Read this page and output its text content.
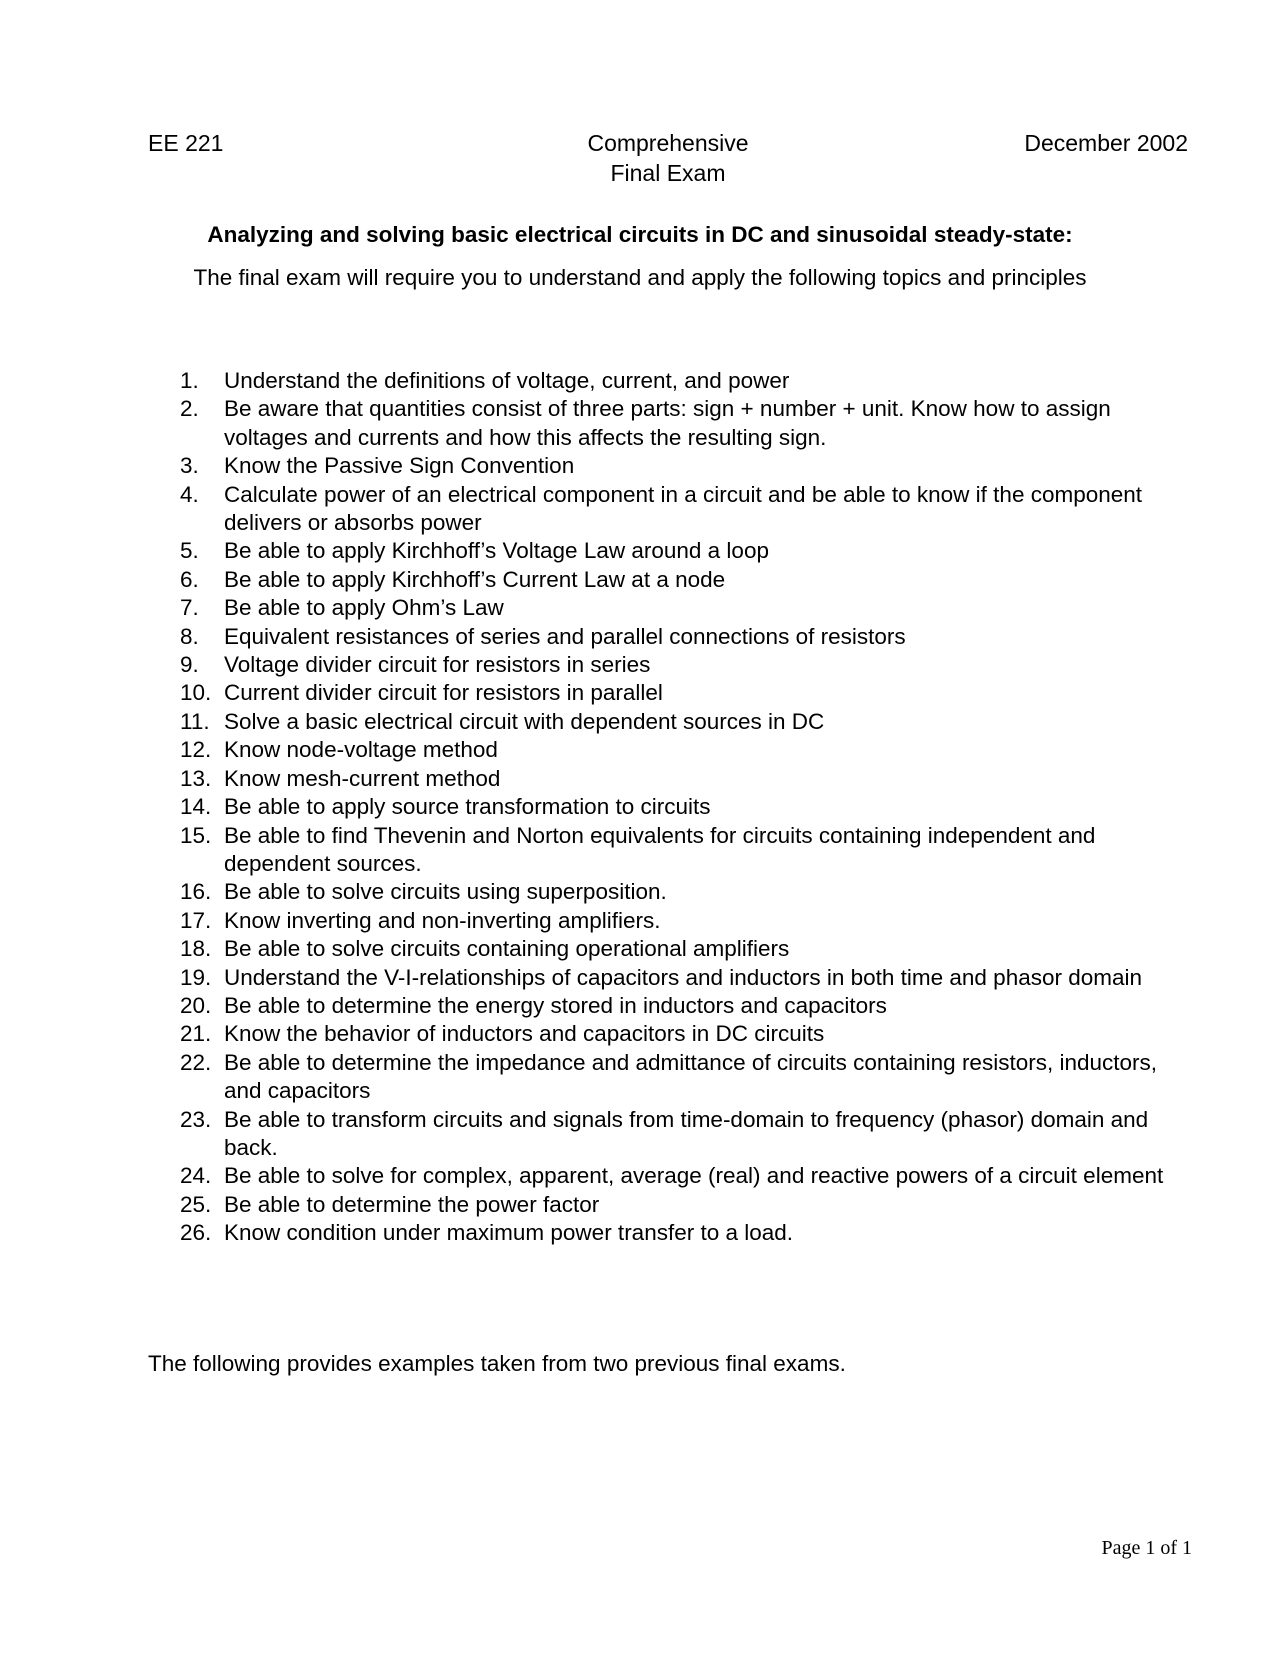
EE 221	Comprehensive
Final Exam
December 2002
Analyzing and solving basic electrical circuits in DC and sinusoidal steady-state:
The final exam will require you to understand and apply the following topics and principles
1.	Understand the definitions of voltage, current, and power
2.	Be aware that quantities consist of three parts: sign + number + unit. Know how to assign voltages and currents and how this affects the resulting sign.
3.	Know the Passive Sign Convention
4.	Calculate power of an electrical component in a circuit and be able to know if the component delivers or absorbs power
5.	Be able to apply Kirchhoff’s Voltage Law around a loop
6.	Be able to apply Kirchhoff’s Current Law at a node
7.	Be able to apply Ohm’s Law
8.	Equivalent resistances of series and parallel connections of resistors
9.	Voltage divider circuit for resistors in series
10. Current divider circuit for resistors in parallel
11. Solve a basic electrical circuit with dependent sources in DC
12. Know node-voltage method
13. Know mesh-current method
14. Be able to apply source transformation to circuits
15. Be able to find Thevenin and Norton equivalents for circuits containing independent and dependent sources.
16. Be able to solve circuits using superposition.
17. Know inverting and non-inverting amplifiers.
18. Be able to solve circuits containing operational amplifiers
19. Understand the V-I-relationships of capacitors and inductors in both time and phasor domain
20. Be able to determine the energy stored in inductors and capacitors
21. Know the behavior of inductors and capacitors in DC circuits
22. Be able to determine the impedance and admittance of circuits containing resistors, inductors, and capacitors
23. Be able to transform circuits and signals from time-domain to frequency (phasor) domain and back.
24. Be able to solve for complex, apparent, average (real) and reactive powers of a circuit element
25. Be able to determine the power factor
26. Know condition under maximum power transfer to a load.
The following provides examples taken from two previous final exams.
Page 1 of 1
